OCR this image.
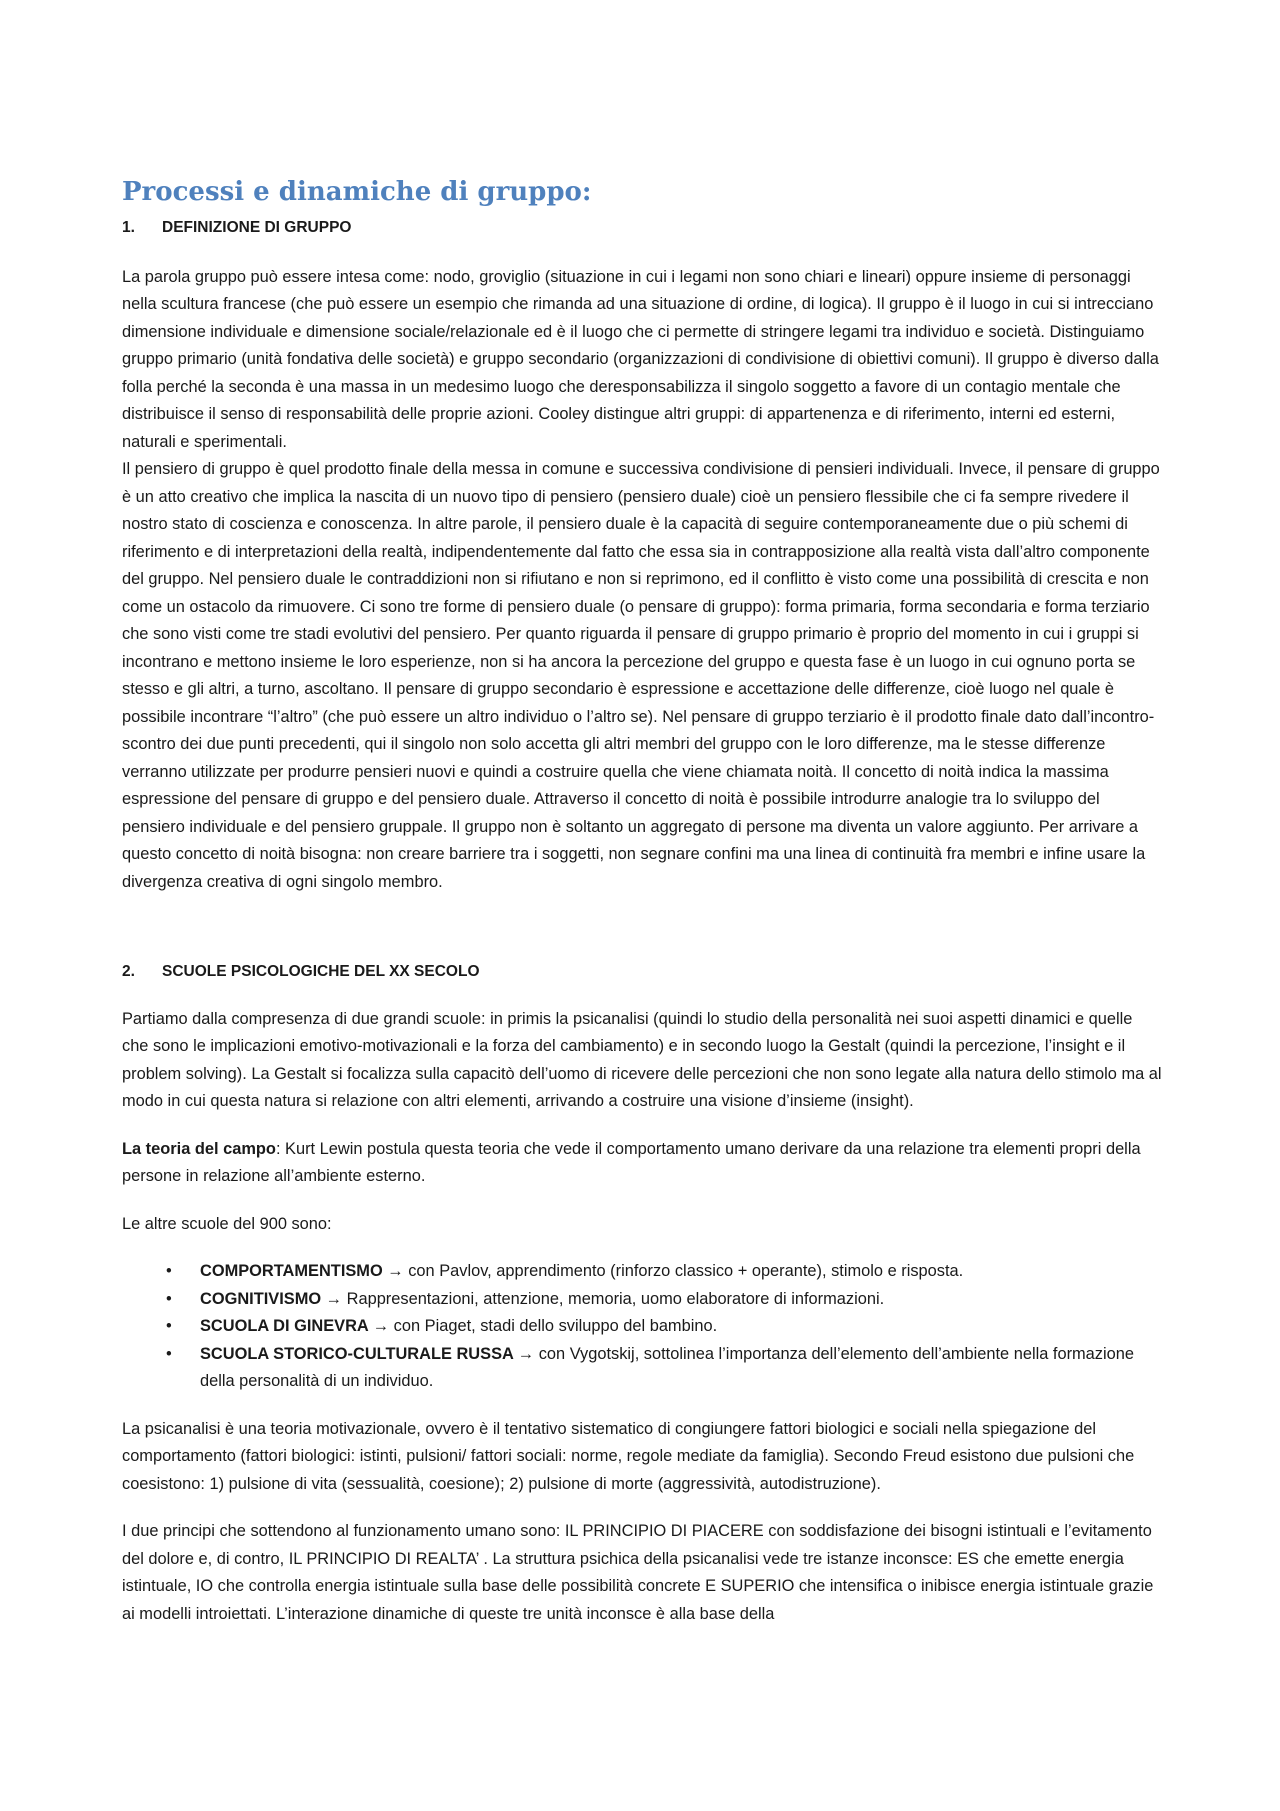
Processi e dinamiche di gruppo:
1. DEFINIZIONE DI GRUPPO

La parola gruppo può essere intesa come: nodo, groviglio (situazione in cui i legami non sono chiari e lineari) oppure insieme di personaggi nella scultura francese (che può essere un esempio che rimanda ad una situazione di ordine, di logica). Il gruppo è il luogo in cui si intrecciano dimensione individuale e dimensione sociale/relazionale ed è il luogo che ci permette di stringere legami tra individuo e società. Distinguiamo gruppo primario (unità fondativa delle società) e gruppo secondario (organizzazioni di condivisione di obiettivi comuni). Il gruppo è diverso dalla folla perché la seconda è una massa in un medesimo luogo che deresponsabilizza il singolo soggetto a favore di un contagio mentale che distribuisce il senso di responsabilità delle proprie azioni. Cooley distingue altri gruppi: di appartenenza e di riferimento, interni ed esterni, naturali e sperimentali.

Il pensiero di gruppo è quel prodotto finale della messa in comune e successiva condivisione di pensieri individuali. Invece, il pensare di gruppo è un atto creativo che implica la nascita di un nuovo tipo di pensiero (pensiero duale) cioè un pensiero flessibile che ci fa sempre rivedere il nostro stato di coscienza e conoscenza. In altre parole, il pensiero duale è la capacità di seguire contemporaneamente due o più schemi di riferimento e di interpretazioni della realtà, indipendentemente dal fatto che essa sia in contrapposizione alla realtà vista dall’altro componente del gruppo. Nel pensiero duale le contraddizioni non si rifiutano e non si reprimono, ed il conflitto è visto come una possibilità di crescita e non come un ostacolo da rimuovere. Ci sono tre forme di pensiero duale (o pensare di gruppo): forma primaria, forma secondaria e forma terziario che sono visti come tre stadi evolutivi del pensiero. Per quanto riguarda il pensare di gruppo primario è proprio del momento in cui i gruppi si incontrano e mettono insieme le loro esperienze, non si ha ancora la percezione del gruppo e questa fase è un luogo in cui ognuno porta se stesso e gli altri, a turno, ascoltano. Il pensare di gruppo secondario è espressione e accettazione delle differenze, cioè luogo nel quale è possibile incontrare “l’altro” (che può essere un altro individuo o l’altro se). Nel pensare di gruppo terziario è il prodotto finale dato dall’incontro-scontro dei due punti precedenti, qui il singolo non solo accetta gli altri membri del gruppo con le loro differenze, ma le stesse differenze verranno utilizzate per produrre pensieri nuovi e quindi a costruire quella che viene chiamata noità. Il concetto di noità indica la massima espressione del pensare di gruppo e del pensiero duale. Attraverso il concetto di noità è possibile introdurre analogie tra lo sviluppo del pensiero individuale e del pensiero gruppale. Il gruppo non è soltanto un aggregato di persone ma diventa un valore aggiunto. Per arrivare a questo concetto di noità bisogna: non creare barriere tra i soggetti, non segnare confini ma una linea di continuità fra membri e infine usare la divergenza creativa di ogni singolo membro.

2. SCUOLE PSICOLOGICHE DEL XX SECOLO

Partiamo dalla compresenza di due grandi scuole: in primis la psicanalisi (quindi lo studio della personalità nei suoi aspetti dinamici e quelle che sono le implicazioni emotivo-motivazionali e la forza del cambiamento) e in secondo luogo la Gestalt (quindi la percezione, l’insight e il problem solving). La Gestalt si focalizza sulla capacitò dell’uomo di ricevere delle percezioni che non sono legate alla natura dello stimolo ma al modo in cui questa natura si relazione con altri elementi, arrivando a costruire una visione d’insieme (insight).

La teoria del campo: Kurt Lewin postula questa teoria che vede il comportamento umano derivare da una relazione tra elementi propri della persone in relazione all’ambiente esterno.

Le altre scuole del 900 sono:

• COMPORTAMENTISMO → con Pavlov, apprendimento (rinforzo classico + operante), stimolo e risposta.
• COGNITIVISMO → Rappresentazioni, attenzione, memoria, uomo elaboratore di informazioni.
• SCUOLA DI GINEVRA → con Piaget, stadi dello sviluppo del bambino.
• SCUOLA STORICO-CULTURALE RUSSA → con Vygotskij, sottolinea l’importanza dell’elemento dell’ambiente nella formazione della personalità di un individuo.

La psicanalisi è una teoria motivazionale, ovvero è il tentativo sistematico di congiungere fattori biologici e sociali nella spiegazione del comportamento (fattori biologici: istinti, pulsioni/ fattori sociali: norme, regole mediate da famiglia). Secondo Freud esistono due pulsioni che coesistono: 1) pulsione di vita (sessualità, coesione); 2) pulsione di morte (aggressività, autodistruzione).

I due principi che sottendono al funzionamento umano sono: IL PRINCIPIO DI PIACERE con soddisfazione dei bisogni istintuali e l’evitamento del dolore e, di contro, IL PRINCIPIO DI REALTA’ . La struttura psichica della psicanalisi vede tre istanze inconsce: ES che emette energia istintuale, IO che controlla energia istintuale sulla base delle possibilità concrete E SUPERIO che intensifica o inibisce energia istintuale grazie ai modelli introiettati. L’interazione dinamiche di queste tre unità inconsce è alla base della
